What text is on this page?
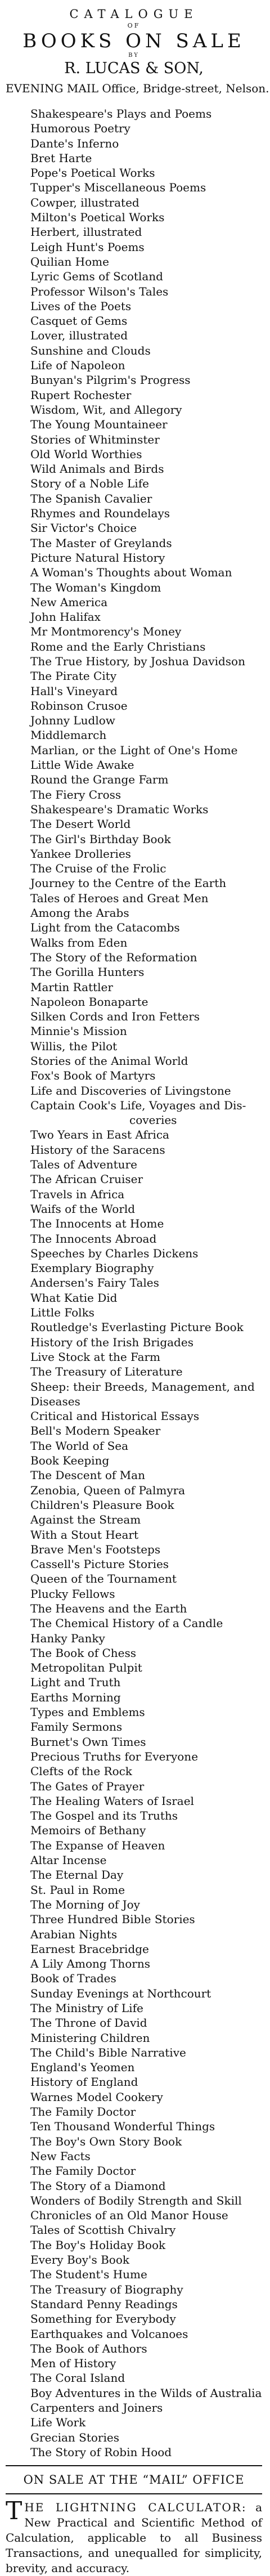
CATALOGUE
OF
BOOKS ON SALE
BY
R. LUCAS & SON,
EVENING MAIL Office, Bridge-street, Nelson.
Shakespeare's Plays and Poems
Humorous Poetry
Dante's Inferno
Bret Harte
Pope's Poetical Works
Tupper's Miscellaneous Poems
Cowper, illustrated
Milton's Poetical Works
Herbert, illustrated
Leigh Hunt's Poems
Quilian Home
Lyric Gems of Scotland
Professor Wilson's Tales
Lives of the Poets
Casquet of Gems
Lover, illustrated
Sunshine and Clouds
Life of Napoleon
Bunyan's Pilgrim's Progress
Rupert Rochester
Wisdom, Wit, and Allegory
The Young Mountaineer
Stories of Whitminster
Old World Worthies
Wild Animals and Birds
Story of a Noble Life
The Spanish Cavalier
Rhymes and Roundelays
Sir Victor's Choice
The Master of Greylands
Picture Natural History
A Woman's Thoughts about Woman
The Woman's Kingdom
New America
John Halifax
Mr Montmorency's Money
Rome and the Early Christians
The True History, by Joshua Davidson
The Pirate City
Hall's Vineyard
Robinson Crusoe
Johnny Ludlow
Middlemarch
Marlian, or the Light of One's Home
Little Wide Awake
Round the Grange Farm
The Fiery Cross
Shakespeare's Dramatic Works
The Desert World
The Girl's Birthday Book
Yankee Drolleries
The Cruise of the Frolic
Journey to the Centre of the Earth
Tales of Heroes and Great Men
Among the Arabs
Light from the Catacombs
Walks from Eden
The Story of the Reformation
The Gorilla Hunters
Martin Rattler
Napoleon Bonaparte
Silken Cords and Iron Fetters
Minnie's Mission
Willis, the Pilot
Stories of the Animal World
Fox's Book of Martyrs
Life and Discoveries of Livingstone
Captain Cook's Life, Voyages and Dis-
coveries
Two Years in East Africa
History of the Saracens
Tales of Adventure
The African Cruiser
Travels in Africa
Waifs of the World
The Innocents at Home
The Innocents Abroad
Speeches by Charles Dickens
Exemplary Biography
Andersen's Fairy Tales
What Katie Did
Little Folks
Routledge's Everlasting Picture Book
History of the Irish Brigades
Live Stock at the Farm
The Treasury of Literature
Sheep: their Breeds, Management, and
Diseases
Critical and Historical Essays
Bell's Modern Speaker
The World of Sea
Book Keeping
The Descent of Man
Zenobia, Queen of Palmyra
Children's Pleasure Book
Against the Stream
With a Stout Heart
Brave Men's Footsteps
Cassell's Picture Stories
Queen of the Tournament
Plucky Fellows
The Heavens and the Earth
The Chemical History of a Candle
Hanky Panky
The Book of Chess
Metropolitan Pulpit
Light and Truth
Earths Morning
Types and Emblems
Family Sermons
Burnet's Own Times
Precious Truths for Everyone
Clefts of the Rock
The Gates of Prayer
The Healing Waters of Israel
The Gospel and its Truths
Memoirs of Bethany
The Expanse of Heaven
Altar Incense
The Eternal Day
St. Paul in Rome
The Morning of Joy
Three Hundred Bible Stories
Arabian Nights
Earnest Bracebridge
A Lily Among Thorns
Book of Trades
Sunday Evenings at Northcourt
The Ministry of Life
The Throne of David
Ministering Children
The Child's Bible Narrative
England's Yeomen
History of England
Warnes Model Cookery
The Family Doctor
Ten Thousand Wonderful Things
The Boy's Own Story Book
New Facts
The Family Doctor
The Story of a Diamond
Wonders of Bodily Strength and Skill
Chronicles of an Old Manor House
Tales of Scottish Chivalry
The Boy's Holiday Book
Every Boy's Book
The Student's Hume
The Treasury of Biography
Standard Penny Readings
Something for Everybody
Earthquakes and Volcanoes
The Book of Authors
Men of History
The Coral Island
Boy Adventures in the Wilds of Australia
Carpenters and Joiners
Life Work
Grecian Stories
The Story of Robin Hood
ON SALE AT THE “MAIL” OFFICE
THE LIGHTNING CALCULATOR: a New Practical and Scientific Method of Calculation, applicable to all Business Transactions, and unequalled for simplicity, brevity, and accuracy.
